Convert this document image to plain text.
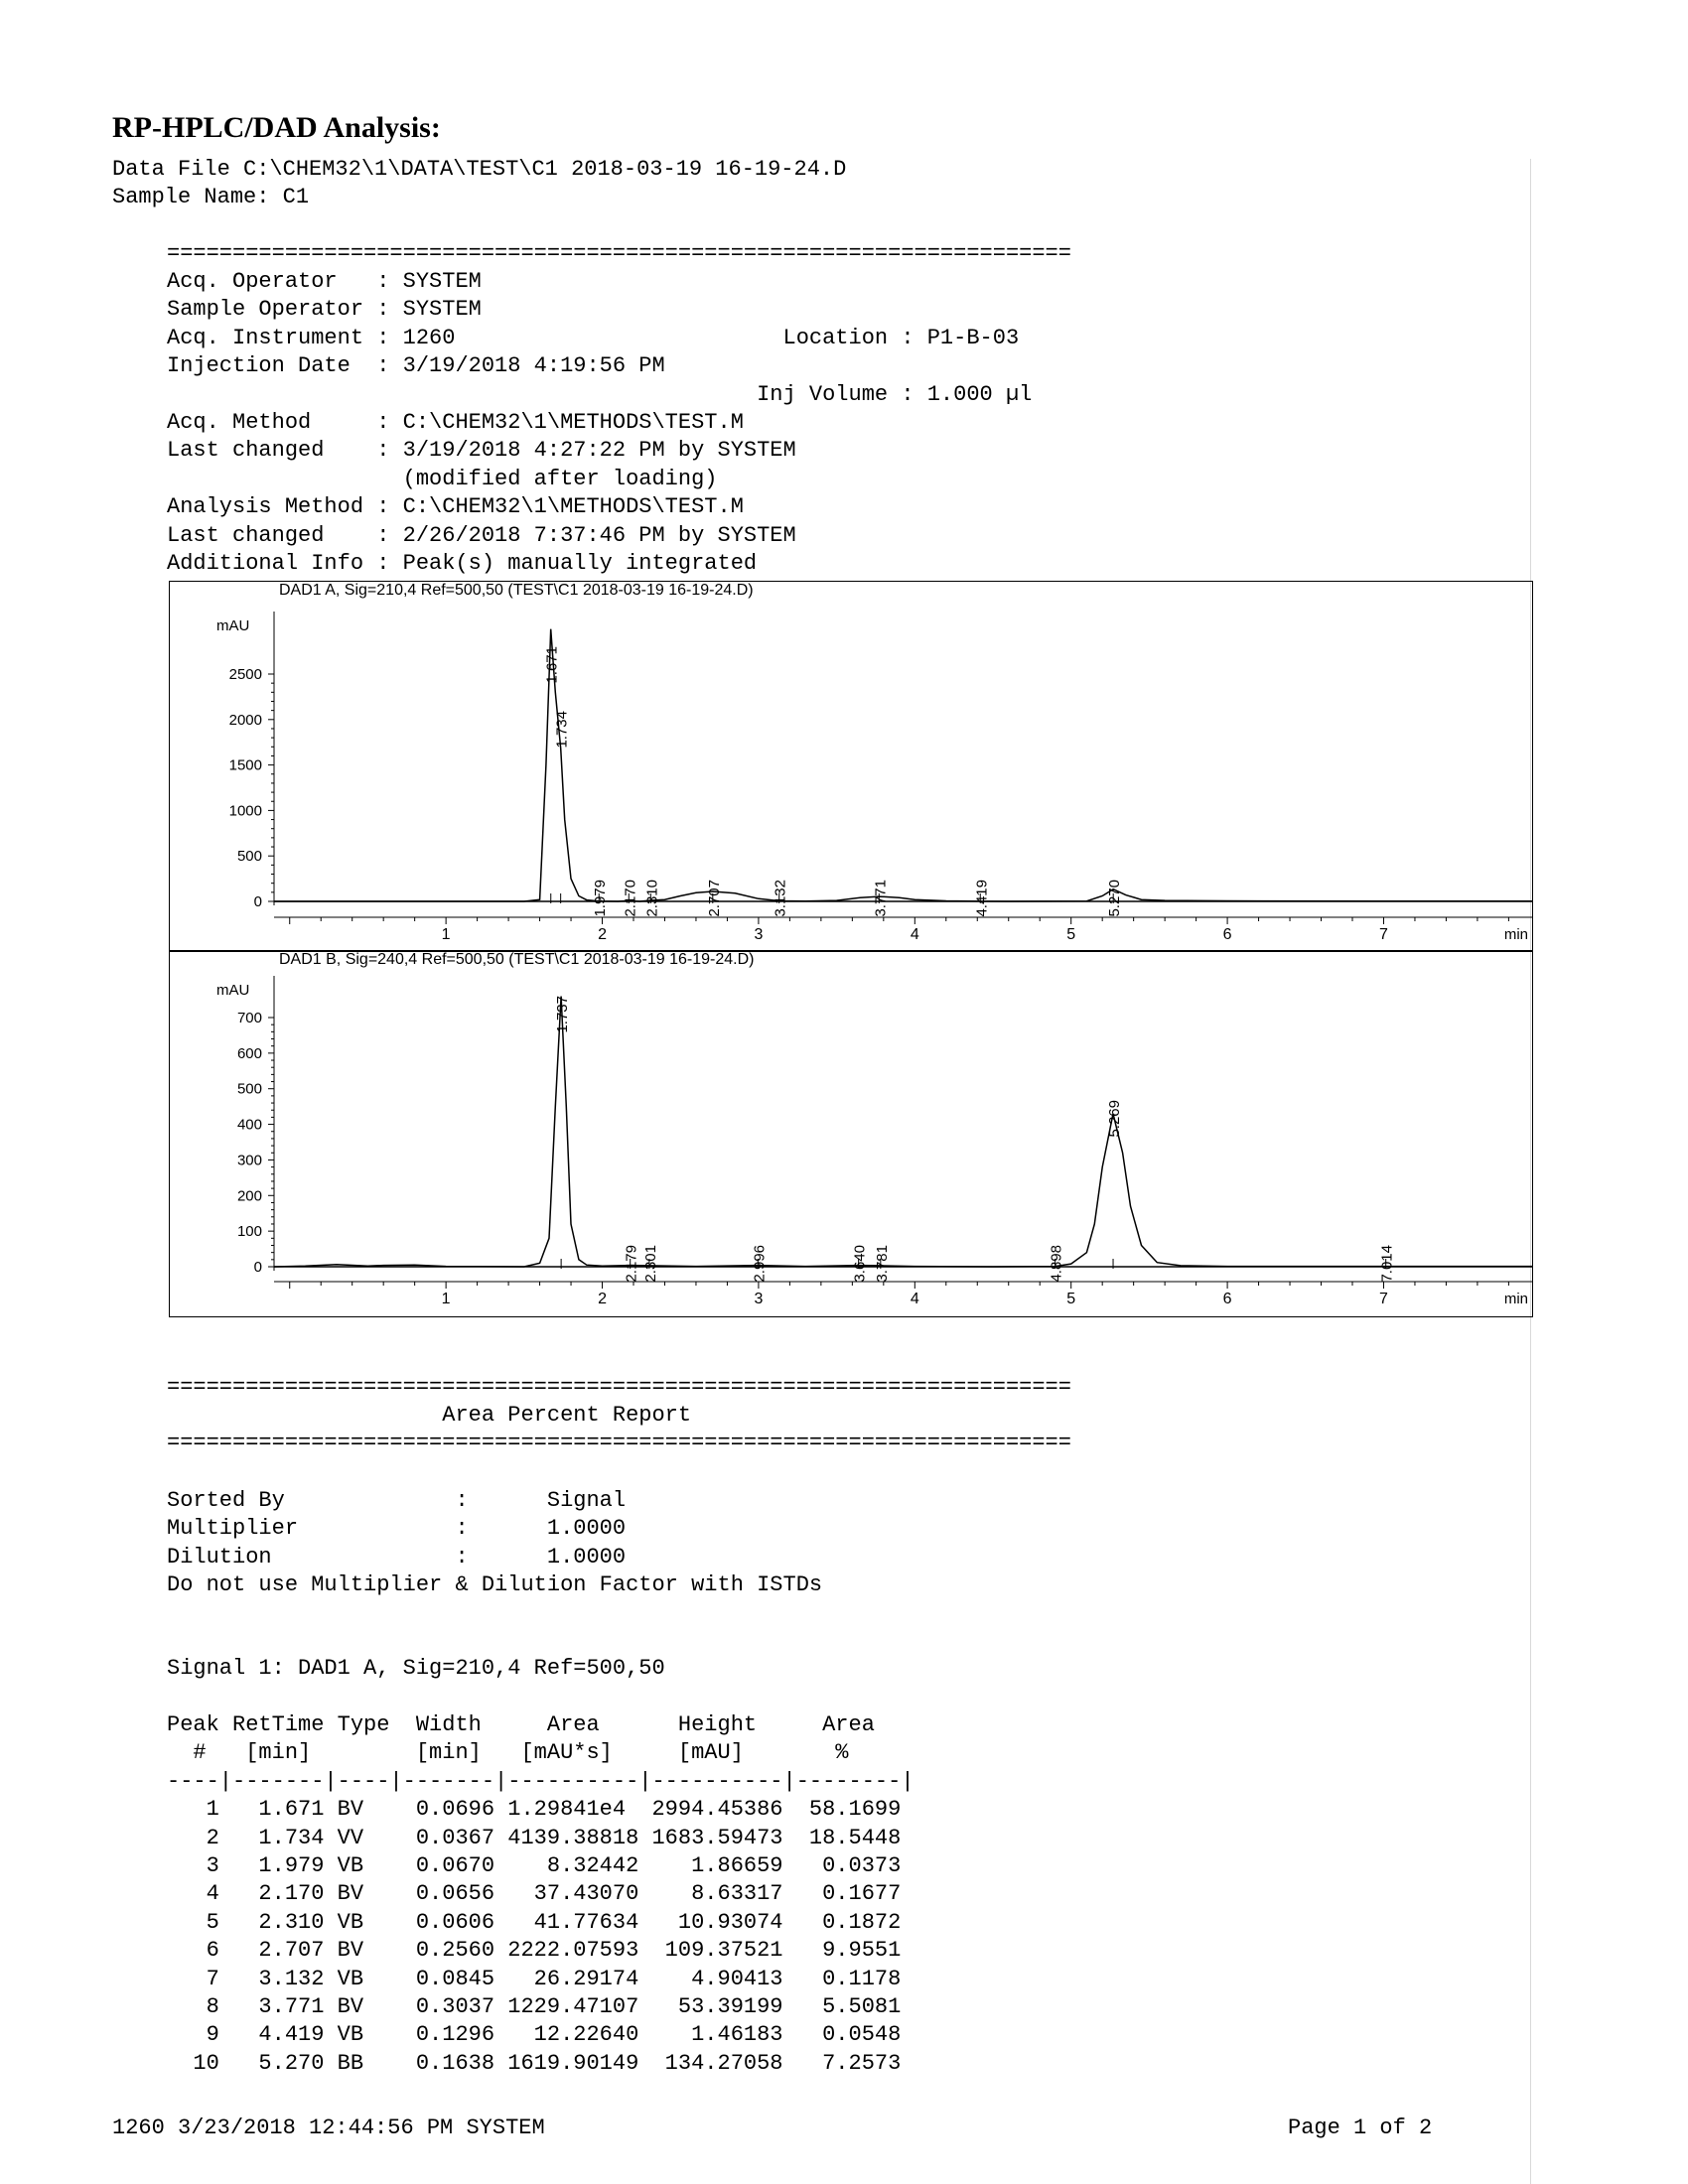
RP-HPLC/DAD Analysis:
Data File C:\CHEM32\1\DATA\TEST\C1 2018-03-19 16-19-24.D
Sample Name: C1
=====================================================================
Acq. Operator   : SYSTEM
Sample Operator : SYSTEM
Acq. Instrument : 1260                         Location : P1-B-03
Injection Date  : 3/19/2018 4:19:56 PM
Inj Volume : 1.000 µl
Acq. Method     : C:\CHEM32\1\METHODS\TEST.M
Last changed    : 3/19/2018 4:27:22 PM by SYSTEM
(modified after loading)
Analysis Method : C:\CHEM32\1\METHODS\TEST.M
Last changed    : 2/26/2018 7:37:46 PM by SYSTEM
Additional Info : Peak(s) manually integrated
DAD1 A, Sig=210,4 Ref=500,50 (TEST\C1 2018-03-19 16-19-24.D)
mAU
0
500
1000
1500
2000
2500
1	2	3	4	5	6	7	min
1.671
1.734
1.979 2.170 2.310	2.707	3.132	3.771	4.419	5.270
DAD1 B, Sig=240,4 Ref=500,50 (TEST\C1 2018-03-19 16-19-24.D)
mAU
0
100
200
300
400
500
600
700
1	2	3	4	5	6	7	min
1.737
2.179 2.301	2.996	3.640 3.781	4.898
5.269
7.014
=====================================================================
Area Percent Report
=====================================================================
Sorted By             :      Signal
Multiplier            :      1.0000
Dilution              :      1.0000
Do not use Multiplier & Dilution Factor with ISTDs
Signal 1: DAD1 A, Sig=210,4 Ref=500,50
Peak RetTime Type  Width     Area      Height     Area
#   [min]        [min]   [mAU*s]     [mAU]       %
----|-------|----|-------|----------|----------|--------|
1   1.671 BV    0.0696 1.29841e4  2994.45386  58.1699
2   1.734 VV    0.0367 4139.38818 1683.59473  18.5448
3   1.979 VB    0.0670    8.32442    1.86659   0.0373
4   2.170 BV    0.0656   37.43070    8.63317   0.1677
5   2.310 VB    0.0606   41.77634   10.93074   0.1872
6   2.707 BV    0.2560 2222.07593  109.37521   9.9551
7   3.132 VB    0.0845   26.29174    4.90413   0.1178
8   3.771 BV    0.3037 1229.47107   53.39199   5.5081
9   4.419 VB    0.1296   12.22640    1.46183   0.0548
10   5.270 BB    0.1638 1619.90149  134.27058   7.2573
1260 3/23/2018 12:44:56 PM SYSTEM	Page 1 of 2
